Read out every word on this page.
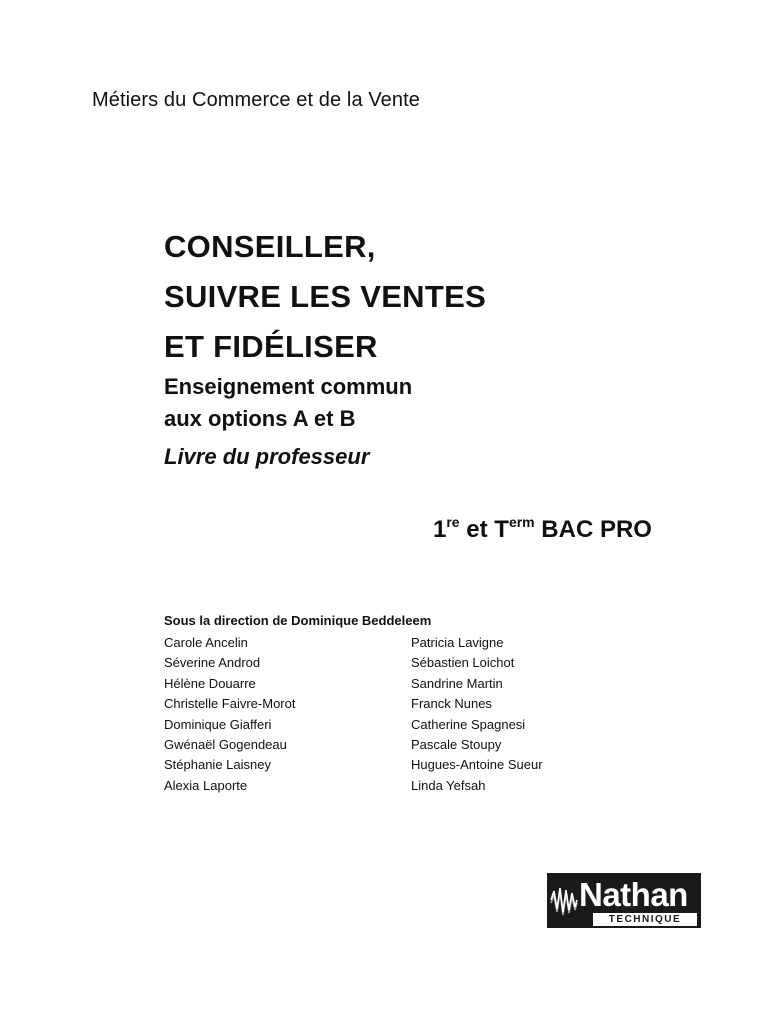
Métiers du Commerce et de la Vente
CONSEILLER,
SUIVRE LES VENTES
ET FIDÉLISER
Enseignement commun
aux options A et B
Livre du professeur
1re et $T^{erm}$ BAC PRO
Sous la direction de Dominique Beddeleem
Carole Ancelin
Séverine Androd
Hélène Douarre
Christelle Faivre-Morot
Dominique Giafferi
Gwénaël Gogendeau
Stéphanie Laisney
Alexia Laporte
Patricia Lavigne
Sébastien Loichot
Sandrine Martin
Franck Nunes
Catherine Spagnesi
Pascale Stoupy
Hugues-Antoine Sueur
Linda Yefsah
Nathan
TECHNIQUE
